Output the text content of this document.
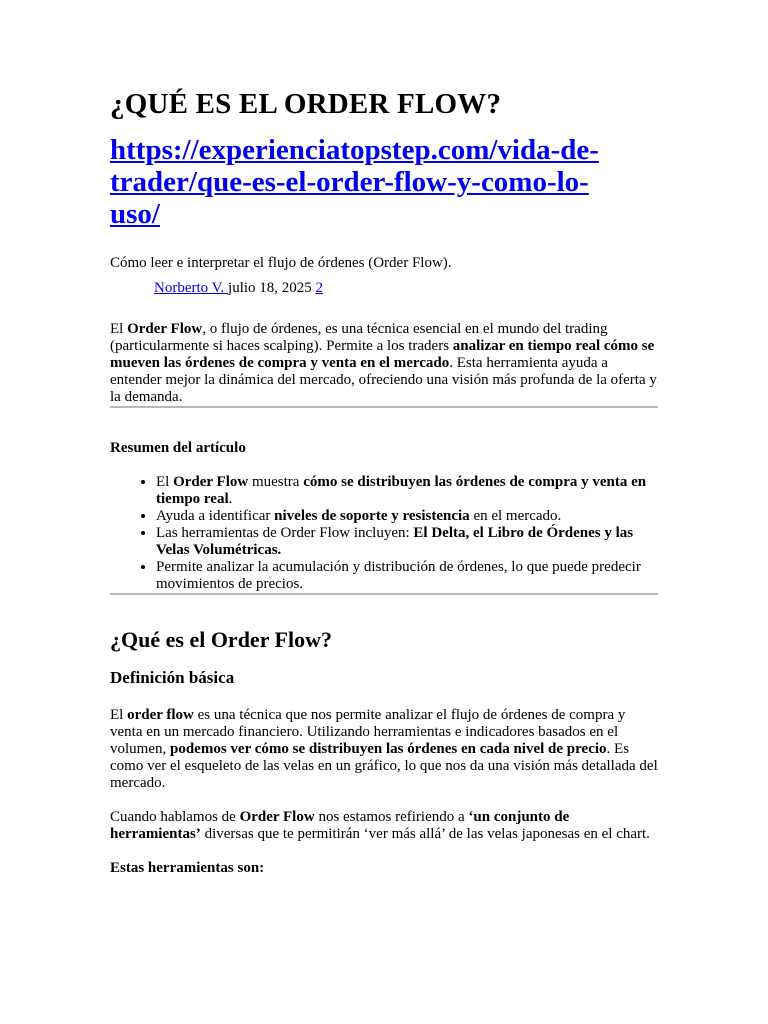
¿QUÉ ES EL ORDER FLOW?
https://experienciatopstep.com/vida-de-
trader/que-es-el-order-flow-y-como-lo-
uso/

Cómo leer e interpretar el flujo de órdenes (Order Flow).

Norberto V. julio 18, 2025 2

El Order Flow, o flujo de órdenes, es una técnica esencial en el mundo del trading (particularmente si haces scalping). Permite a los traders analizar en tiempo real cómo se mueven las órdenes de compra y venta en el mercado. Esta herramienta ayuda a entender mejor la dinámica del mercado, ofreciendo una visión más profunda de la oferta y la demanda.

Resumen del artículo

• El Order Flow muestra cómo se distribuyen las órdenes de compra y venta en tiempo real.
• Ayuda a identificar niveles de soporte y resistencia en el mercado.
• Las herramientas de Order Flow incluyen: El Delta, el Libro de Órdenes y las Velas Volumétricas.
• Permite analizar la acumulación y distribución de órdenes, lo que puede predecir movimientos de precios.
¿Qué es el Order Flow?
Definición básica

El order flow es una técnica que nos permite analizar el flujo de órdenes de compra y venta en un mercado financiero. Utilizando herramientas e indicadores basados en el volumen, podemos ver cómo se distribuyen las órdenes en cada nivel de precio. Es como ver el esqueleto de las velas en un gráfico, lo que nos da una visión más detallada del mercado.

Cuando hablamos de Order Flow nos estamos refiriendo a ‘un conjunto de herramientas’ diversas que te permitirán ‘ver más allá’ de las velas japonesas en el chart.

Estas herramientas son:
